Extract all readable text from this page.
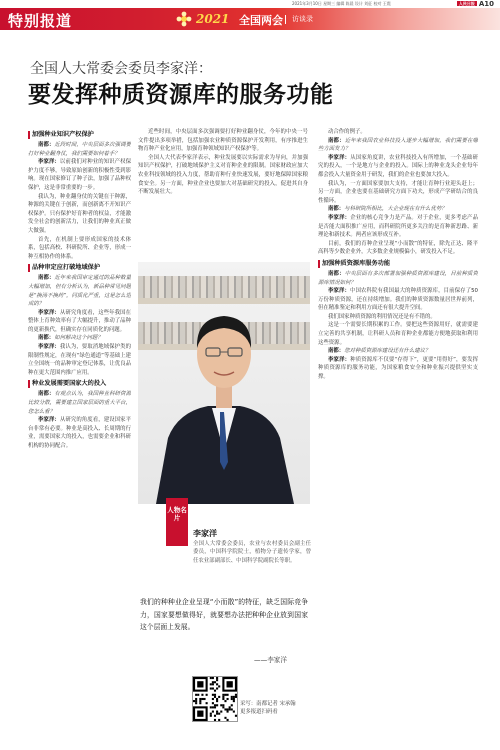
2021年3月10日 星期三 编辑 陈晨 设计 刘征 校对 王霞	人民日报 A10
特别报道	2021 全国两会 访谈录
全国人大常委会委员李家洋：
要发挥种质资源库的服务功能
加强种业知识产权保护

南都：近段时间，中央层面多次强调要打好种业翻身仗，我们需要如何着手？

李家洋：以前我们对种业的知识产权保护力度不够，导致原始创新的积极性受到影响。现在国家修订了种子法，加强了品种权保护，这是非常重要的一步。

我认为，种业翻身仗的关键在于种源，种源的关键在于创新，而创新离不开知识产权保护。只有保护好育种者的权益，才能激发全社会的创新活力，让我们的种业真正做大做强。

首先，在机制上要形成国家的技术体系，包括高校、科研院所、企业等，形成一种互相协作的体系。

品种审定应打破地域保护

南都：近年来我国审定通过的品种数量大幅增加，但有分析认为，新品种常见问题是“换汤不换药”，同质化严重，这是怎么造成的？

李家洋：从研究角度看，这些年我国在整体上育种效率有了大幅提升，推动了品种的更新换代，但确实存在同质化的问题。

南都：如何解决这个问题？

李家洋：我认为，要取消地域保护类的限制性规定，在现有“绿色通道”等基础上建立全国统一的品种审定登记体系，让优良品种在更大范围内推广应用。

种业发展需要国家大的投入

南都：有观点认为，我国种业科研资源比较分散，需要建立国家层面的重大平台，您怎么看？

李家洋：从研究的角度看，建设国家平台非常有必要。种业是高投入、长周期的行业，需要国家大的投入，也需要企业和科研机构的协同配合。

近些时间，中央层面多次强调要打好种业翻身仗，今年的中央一号文件提出多项举措，包括加强农业种质资源保护开发利用，有序推进生物育种产业化应用，加强育种领域知识产权保护等。

全国人大代表李家洋表示，种业发展要以实际需求为导向，并加强知识产权保护，打破地域保护主义对育种企业的限制。国家财政应加大农业科技领域的投入力度，帮助育种行业快速发展，要好地保障国家粮食安全。另一方面，种业企业也要加大对基础研究的投入，促进其自身不断发展壮大。

动合作的例子。

南都：近年来我国农业科技投入逐步大幅增加，我们需要在哪些方面发力？

李家洋：从国家角度讲，农业科技投入有所增加，一个基础研究的投入，一个是地方与企业的投入。国际上的种业龙头企业每年都会投入大量资金用于研发，我们的企业也要加大投入。

我认为，一方面国家要加大支持，才能让育种行业迎头赶上；另一方面，企业也要在基础研究方面下功夫，形成产学研结合的良性循环。

南都：与科研院所相比，大企业现在有什么优势？

李家洋：企业的核心竞争力是产品。对于企业，更多考虑产品是否能大面积推广应用，而科研院所更多关注的是育种新思路、新理论和新技术。两者应该形成互补。

目前，我们的育种企业呈现“小而散”的特征，除先正达、隆平高科等少数企业外，大多数企业规模偏小，研发投入不足。

加强种质资源库服务功能

南都：中央层面有多次部署加强种质资源库建设，目前种质资源库情况如何？

李家洋：中国农科院有我国最大的种质资源库，目前保存了50万份种质资源，还在持续增加。我们的种质资源数量居世界前列，但在精准鉴定和利用方面还有很大提升空间。

我们国家种质资源的利用情况还是有不错的。

这是一个需要长期积累的工作。要把这些资源用好，就需要建立完善的共享机制，让科研人员和育种企业都能方便地获取和利用这些资源。

南都：您对种质资源库建设还有什么建议？

李家洋：种质资源库不仅要“存得下”，更要“用得好”，要发挥种质资源库的服务功能，为国家粮食安全和种业振兴提供坚实支撑。

人物名片
李家洋
全国人大常委会委员，农业与农村委员会副主任委员，中国科学院院士，植物分子遗传学家，曾任农业部副部长、中国科学院副院长等职。
我们的种种业企业呈现“小而散”的特征，缺乏国际竞争力，国家要想做得好，就要想办法把种种企业放到国家这个层面上发展。
——李家洋
采写：南都记者 宋承翰
更多报道扫码看
